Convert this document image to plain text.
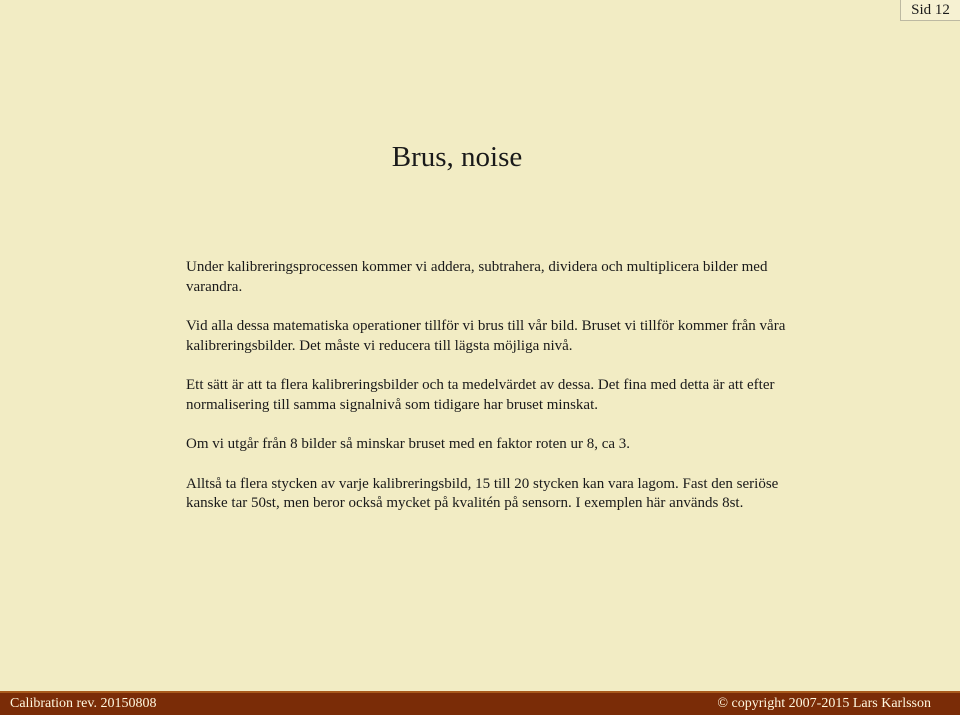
Sid 12
Brus, noise

Under kalibreringsprocessen kommer vi addera, subtrahera, dividera och multiplicera bilder med varandra.

Vid alla dessa matematiska operationer tillför vi brus till vår bild. Bruset vi tillför kommer från våra kalibreringsbilder. Det måste vi reducera till lägsta möjliga nivå.

Ett sätt är att ta flera kalibreringsbilder och ta medelvärdet av dessa. Det fina med detta är att efter normalisering till samma signalnivå som tidigare har bruset minskat.

Om vi utgår från 8 bilder så minskar bruset med en faktor roten ur 8, ca 3.

Alltså ta flera stycken av varje kalibreringsbild, 15 till 20 stycken kan vara lagom. Fast den seriöse kanske tar 50st, men beror också mycket på kvalitén på sensorn. I exemplen här används 8st.

Calibration rev. 20150808	© copyright 2007-2015 Lars Karlsson
